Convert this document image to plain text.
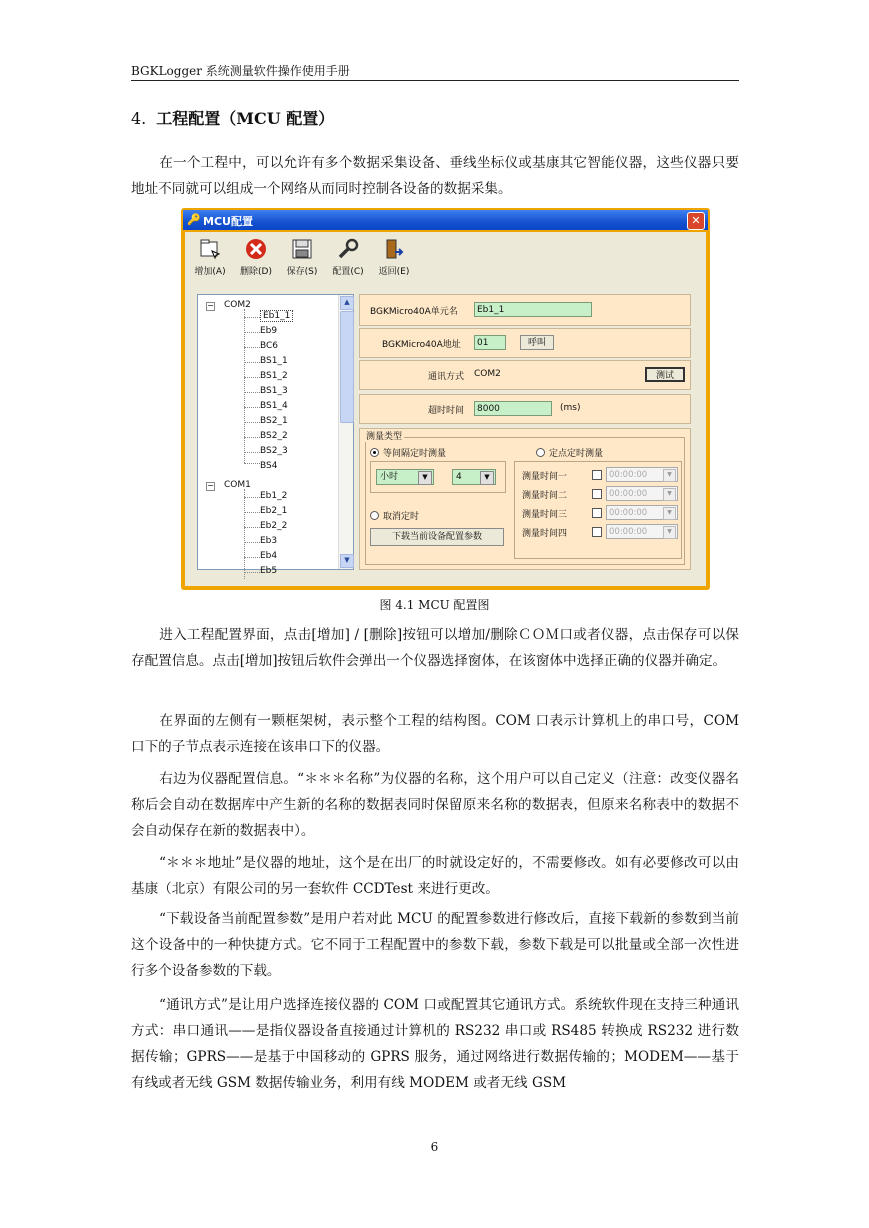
BGKLogger 系统测量软件操作使用手册
4. 工程配置（MCU 配置）
在一个工程中，可以允许有多个数据采集设备、垂线坐标仪或基康其它智能仪器，这些仪器只要地址不同就可以组成一个网络从而同时控制各设备的数据采集。
🔑 MCU配置	✕
增加(A)	删除(D)	保存(S)	配置(C)	返回(E)
− COM2
Eb1_1
Eb9
BC6
BS1_1
BS1_2
BS1_3
BS1_4
BS2_1
BS2_2
BS2_3
BS4
− COM1
Eb1_2
Eb2_1
Eb2_2
Eb3
Eb4
Eb5
▲
▼
BGKMicro40A单元名	Eb1_1
BGKMicro40A地址	01	呼叫
通讯方式 COM2	测试
超时时间	8000	(ms)
测量类型
等间隔定时测量	定点定时测量
小时	▼	4	▼
取消定时
下载当前设备配置参数
测量时间一	00:00:00	▼
测量时间二	00:00:00	▼
测量时间三	00:00:00	▼
测量时间四	00:00:00	▼
图 4.1 MCU 配置图
进入工程配置界面，点击[增加] / [删除]按钮可以增加/删除ＣＯＭ口或者仪器，点击保存可以保存配置信息。点击[增加]按钮后软件会弹出一个仪器选择窗体，在该窗体中选择正确的仪器并确定。
在界面的左侧有一颗框架树，表示整个工程的结构图。COM 口表示计算机上的串口号，COM 口下的子节点表示连接在该串口下的仪器。
右边为仪器配置信息。“＊＊＊名称”为仪器的名称，这个用户可以自己定义（注意：改变仪器名称后会自动在数据库中产生新的名称的数据表同时保留原来名称的数据表，但原来名称表中的数据不会自动保存在新的数据表中）。
“＊＊＊地址”是仪器的地址，这个是在出厂的时就设定好的，不需要修改。如有必要修改可以由基康（北京）有限公司的另一套软件 CCDTest 来进行更改。
“下载设备当前配置参数”是用户若对此 MCU 的配置参数进行修改后，直接下载新的参数到当前这个设备中的一种快捷方式。它不同于工程配置中的参数下载，参数下载是可以批量或全部一次性进行多个设备参数的下载。
“通讯方式”是让用户选择连接仪器的 COM 口或配置其它通讯方式。系统软件现在支持三种通讯方式：串口通讯——是指仪器设备直接通过计算机的 RS232 串口或 RS485 转换成 RS232 进行数据传输；GPRS——是基于中国移动的 GPRS 服务，通过网络进行数据传输的；MODEM——基于有线或者无线 GSM 数据传输业务，利用有线 MODEM 或者无线 GSM
6
